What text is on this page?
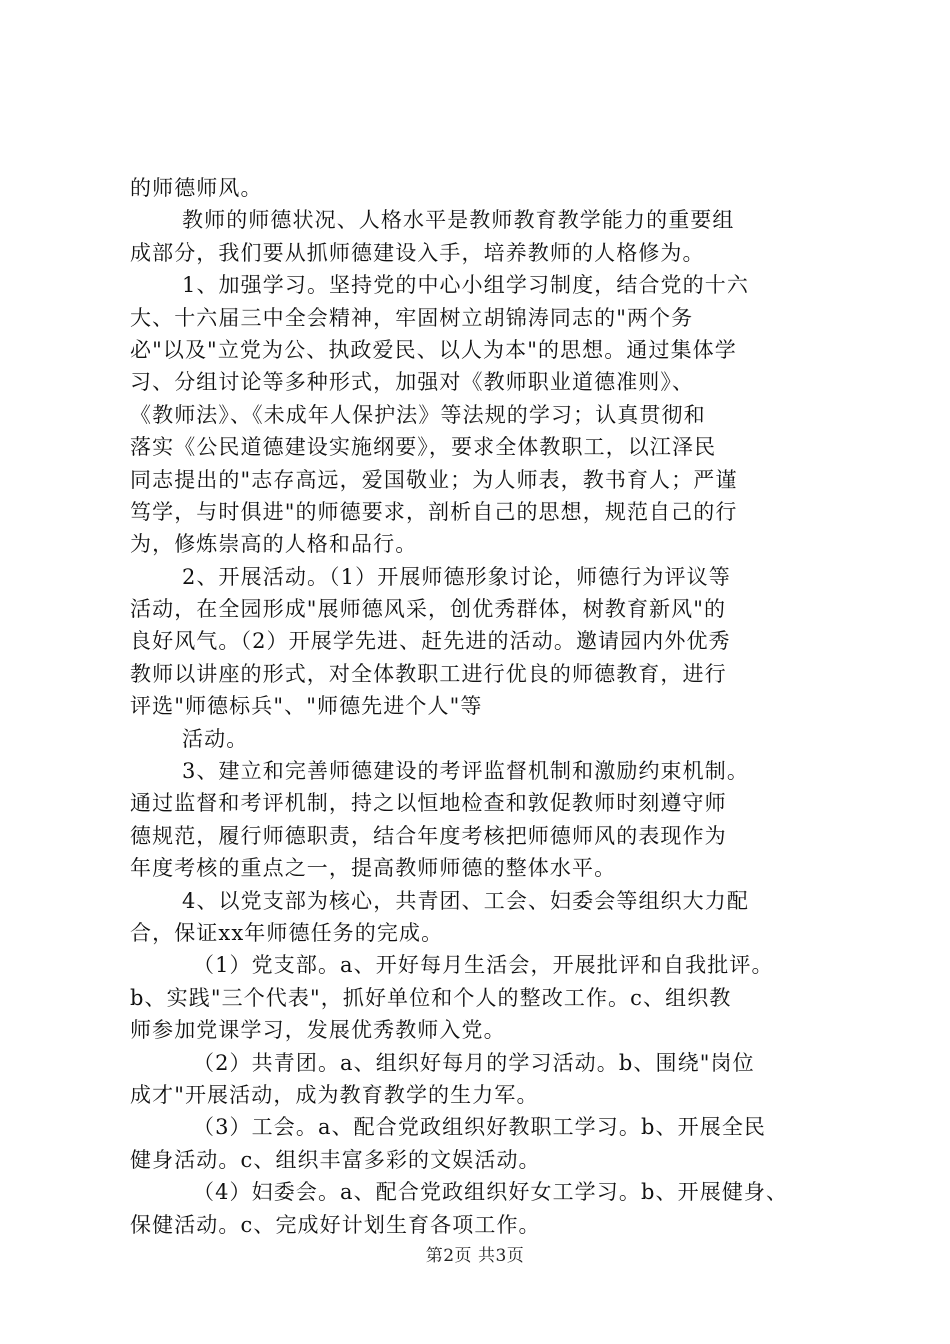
的师德师风。

教师的师德状况、人格水平是教师教育教学能力的重要组

成部分，我们要从抓师德建设入手，培养教师的人格修为。

1、加强学习。坚持党的中心小组学习制度，结合党的十六

大、十六届三中全会精神，牢固树立胡锦涛同志的"两个务

必"以及"立党为公、执政爱民、以人为本"的思想。通过集体学

习、分组讨论等多种形式，加强对《教师职业道德准则》、

《教师法》、《未成年人保护法》等法规的学习；认真贯彻和

落实《公民道德建设实施纲要》，要求全体教职工，以江泽民

同志提出的"志存高远，爱国敬业；为人师表，教书育人；严谨

笃学，与时俱进"的师德要求，剖析自己的思想，规范自己的行

为，修炼崇高的人格和品行。

2、开展活动。（1）开展师德形象讨论，师德行为评议等

活动，在全园形成"展师德风采，创优秀群体，树教育新风"的

良好风气。（2）开展学先进、赶先进的活动。邀请园内外优秀

教师以讲座的形式，对全体教职工进行优良的师德教育，进行

评选"师德标兵"、"师德先进个人"等

活动。

3、建立和完善师德建设的考评监督机制和激励约束机制。

通过监督和考评机制，持之以恒地检查和敦促教师时刻遵守师

德规范，履行师德职责，结合年度考核把师德师风的表现作为

年度考核的重点之一，提高教师师德的整体水平。

4、以党支部为核心，共青团、工会、妇委会等组织大力配

合，保证xx年师德任务的完成。

（1）党支部。a、开好每月生活会，开展批评和自我批评。

b、实践"三个代表"，抓好单位和个人的整改工作。c、组织教

师参加党课学习，发展优秀教师入党。

（2）共青团。a、组织好每月的学习活动。b、围绕"岗位

成才"开展活动，成为教育教学的生力军。

（3）工会。a、配合党政组织好教职工学习。b、开展全民

健身活动。c、组织丰富多彩的文娱活动。

（4）妇委会。a、配合党政组织好女工学习。b、开展健身、

保健活动。c、完成好计划生育各项工作。

第2页 共3页
